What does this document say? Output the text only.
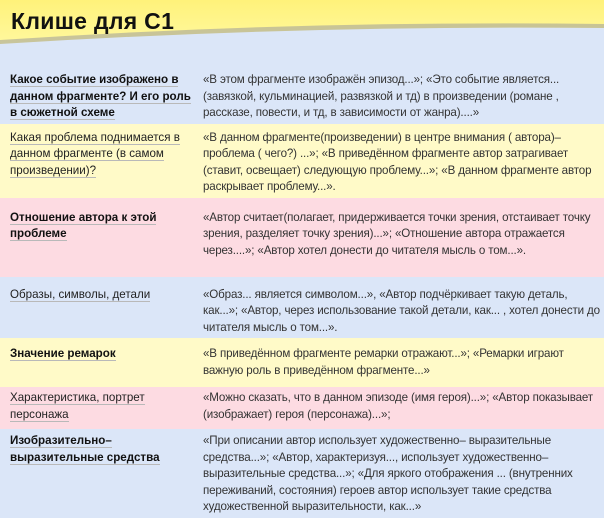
Клише для С1
Какое событие изображено в данном фрагменте? И его роль в сюжетной схеме
«В этом фрагменте изображён эпизод...»; «Это событие является...(завязкой, кульминацией, развязкой и тд) в произведении (романе , рассказе, повести, и тд, в зависимости от жанра)....»
Какая проблема поднимается в данном фрагменте (в самом произведении)?
«В данном фрагменте(произведении) в центре внимания ( автора)– проблема ( чего?) ...»; «В приведённом фрагменте автор затрагивает (ставит, освещает) следующую проблему...»; «В данном фрагменте автор раскрывает проблему...».
Отношение автора к этой проблеме
«Автор считает(полагает, придерживается точки зрения, отстаивает точку зрения, разделяет точку зрения)...»; «Отношение автора отражается через....»; «Автор хотел донести до читателя мысль о том...».
Образы, символы, детали	«Образ... является символом...», «Автор подчёркивает такую деталь, как...»; «Автор, через использование такой детали, как... , хотел донести до читателя мысль о том...».
Значение ремарок	«В приведённом фрагменте ремарки отражают...»; «Ремарки играют важную роль в приведённом фрагменте...»
Характеристика, портрет персонажа
«Можно сказать, что в данном эпизоде (имя героя)...»; «Автор показывает (изображает) героя (персонажа)...»;
Изобразительно–выразительные средства
«При описании автор использует художественно– выразительные средства...»; «Автор, характеризуя..., использует художественно–выразительные средства...»; «Для яркого отображения ... (внутренних переживаний, состояния) героев автор использует такие средства художественной выразительности, как...»
